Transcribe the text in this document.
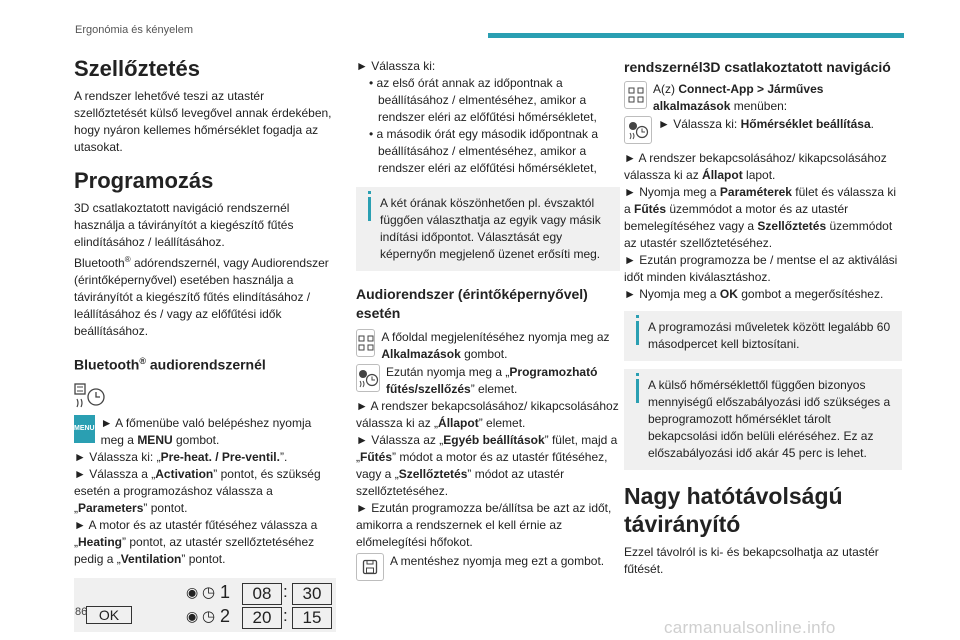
Ergonómia és kényelem
Szellőztetés

A rendszer lehetővé teszi az utastér szellőztetését külső levegővel annak érdekében, hogy nyáron kellemes hőmérséklet fogadja az utasokat.

Programozás

3D csatlakoztatott navigáció rendszernél használja a távirányítót a kiegészítő fűtés elindításához / leállításához.

Bluetooth® adórendszernél, vagy Audiorendszer (érintőképernyővel) esetében használja a távirányítót a kiegészítő fűtés elindításához / leállításához és / vagy az előfűtési idők beállításához.

Bluetooth® audiorendszernél
MENU ► A főmenübe való belépéshez nyomja meg a MENU gombot.

► Válassza ki: „Pre-heat. / Pre-ventil.”.

► Válassza a „Activation” pontot, és szükség esetén a programozáshoz válassza a „Parameters” pontot.

► A motor és az utastér fűtéséhez válassza a „Heating” pontot, az utastér szellőztetéséhez pedig a „Ventilation” pontot.

OK
◉ ◷ 1	08 : 30
◉ ◷ 2	20 : 15

► Válassza ki:

• az első órát annak az időpontnak a beállításához / elmentéséhez, amikor a rendszer eléri az előfűtési hőmérsékletet,

• a második órát egy második időpontnak a beállításához / elmentéséhez, amikor a rendszer eléri az előfűtési hőmérsékletet,

A két órának köszönhetően pl. évszaktól függően választhatja az egyik vagy másik indítási időpontot. Választását egy képernyőn megjelenő üzenet erősíti meg.
Audiorendszer (érintőképernyővel) esetén

A főoldal megjelenítéséhez nyomja meg az Alkalmazások gombot.

Ezután nyomja meg a „Programozható fűtés/szellőzés” elemet.

► A rendszer bekapcsolásához/ kikapcsolásához válassza ki az „Állapot” elemet.

► Válassza az „Egyéb beállítások” fület, majd a „Fűtés” módot a motor és az utastér fűtéséhez, vagy a „Szellőztetés” módot az utastér szellőztetéséhez.

► Ezután programozza be/állítsa be azt az időt, amikorra a rendszernek el kell érnie az előmelegítési hőfokot.

A mentéshez nyomja meg ezt a gombot.

rendszernél3D csatlakoztatott navigáció

A(z) Connect-App > Járműves alkalmazások menüben:

► Válassza ki: Hőmérséklet beállítása.

► A rendszer bekapcsolásához/ kikapcsolásához válassza ki az Állapot lapot.

► Nyomja meg a Paraméterek fület és válassza ki a Fűtés üzemmódot a motor és az utastér bemelegítéséhez vagy a Szellőztetés üzemmódot az utastér szellőztetéséhez.

► Ezután programozza be / mentse el az aktiválási időt minden kiválasztáshoz.

► Nyomja meg a OK gombot a megerősítéshez.

A programozási műveletek között legalább 60 másodpercet kell biztosítani.
A külső hőmérséklettől függően bizonyos mennyiségű előszabályozási idő szükséges a beprogramozott hőmérséklet tárolt bekapcsolási időn belüli eléréséhez. Ez az előszabályozási idő akár 45 perc is lehet.
Nagy hatótávolságú távirányító

Ezzel távolról is ki- és bekapcsolhatja az utastér fűtését.

86
carmanualsonline.info
